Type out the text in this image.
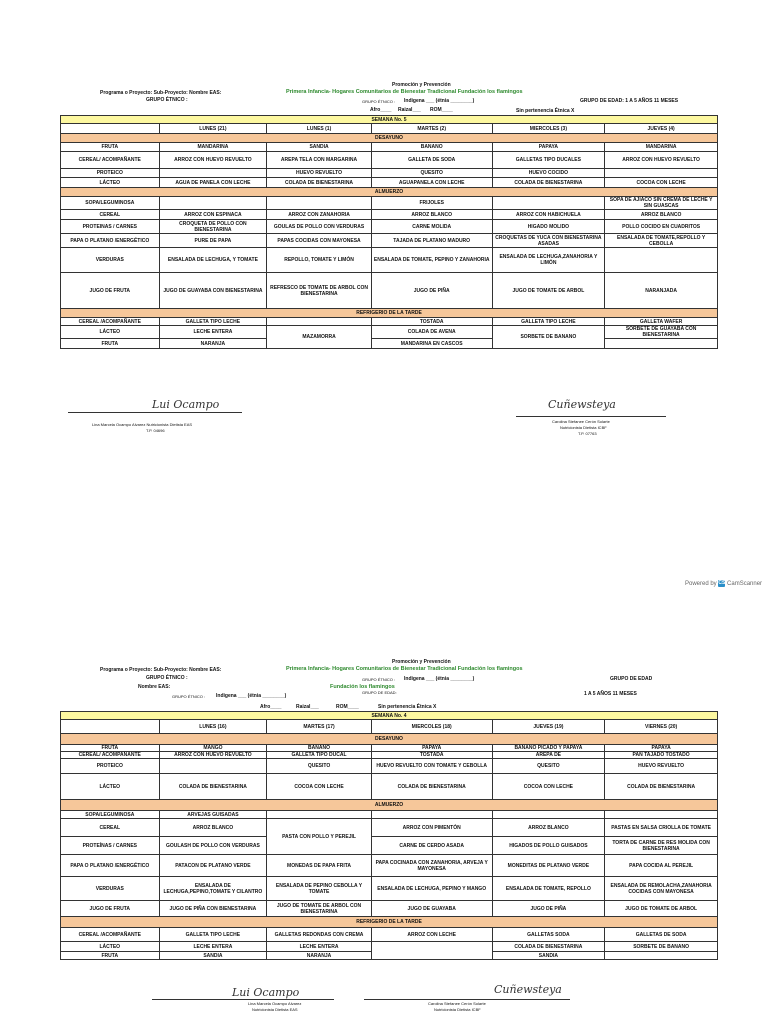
Promoción y Prevención
Programa o Proyecto: Sub-Proyecto: Nombre EAS:	Primera Infancia- Hogares Comunitarios de Bienestar Tradicional Fundación los flamingos
GRUPO ÉTNICO :	GRUPO ÉTNICO : Indigena ___ (étnia ________)	GRUPO DE EDAD: 1 A 5 AÑOS 11 MESES
Afro____ Raizal___ ROM____	Sin pertenencia Étnica X
SEMANA No. 5					
	LUNES (21)	LUNES (1)	MARTES (2)	MIERCOLES (3)	JUEVES (4)
DESAYUNO					
FRUTA	MANDARINA	SANDIA	BANANO	PAPAYA	MANDARINA
CEREAL/ ACOMPAÑANTE	ARROZ CON HUEVO REVUELTO	AREPA TELA CON MARGARINA	GALLETA DE SODA	GALLETAS TIPO DUCALES	ARROZ CON HUEVO REVUELTO
PROTEICO		HUEVO REVUELTO	QUESITO	HUEVO COCIDO	
LÁCTEO	AGUA DE PANELA CON LECHE	COLADA DE BIENESTARINA	AGUAPANELA CON LECHE	COLADA DE BIENESTARINA	COCOA CON LECHE
ALMUERZO					
SOPA/LEGUMINOSA			FRIJOLES		SOPA DE AJIACO SIN CREMA DE LECHE Y SIN GUASCAS
CEREAL	ARROZ CON ESPINACA	ARROZ CON ZANAHORIA	ARROZ BLANCO	ARROZ CON HABICHUELA	ARROZ BLANCO
PROTEINAS / CARNES	CROQUETA DE POLLO CON BIENESTARINA	GOULAS DE POLLO CON VERDURAS	CARNE MOLIDA	HIGADO MOLIDO	POLLO COCIDO EN CUADRITOS
PAPA O PLATANO /ENERGÉTICO	PURE DE PAPA	PAPAS COCIDAS CON MAYONESA	TAJADA DE PLATANO MADURO	CROQUETAS DE YUCA CON BIENESTARINA ASADAS	ENSALADA DE TOMATE,REPOLLO Y CEBOLLA
VERDURAS	ENSALADA DE LECHUGA, Y TOMATE	REPOLLO, TOMATE Y LIMÓN	ENSALADA DE TOMATE, PEPINO Y ZANAHORIA	ENSALADA DE LECHUGA,ZANAHORIA Y LIMÓN	
JUGO DE FRUTA	JUGO DE GUAYABA CON BIENESTARINA	REFRESCO DE TOMATE DE ARBOL CON BIENESTARINA	JUGO DE PIÑA	JUGO DE TOMATE DE ARBOL	NARANJADA
REFRIGERIO DE LA TARDE					
CEREAL /ACOMPAÑANTE	GALLETA TIPO LECHE		TOSTADA	GALLETA TIPO LECHE	GALLETA WAFER
LÁCTEO	LECHE ENTERA	MAZAMORRA	COLADA DE AVENA	SORBETE DE BANANO	SORBETE DE GUAYABA CON BIENESTARINA
FRUTA	NARANJA		MANDARINA EN CASCOS		
Lui Ocampo
Lina Marcela Ocampo Alvarez Nutricionista Dietista EAS
T.P. 04696
Cuñewsteya
Carolina Stefanee Cerón Solarte
Nutricionista Dietista ICBF
T.P. 07763
Powered by CS CamScanner
Promoción y Prevención
Programa o Proyecto: Sub-Proyecto: Nombre EAS:	Primera Infancia- Hogares Comunitarios de Bienestar Tradicional Fundación los flamingos
GRUPO ÉTNICO :	GRUPO ÉTNICO : Indigena ___ (étnia ________)	GRUPO DE EDAD
Nombre EAS:	Fundación los flamingos
GRUPO ÉTNICO : Indigena ___ (étnia ________)
GRUPO DE EDAD:	1 A 5 AÑOS 11 MESES
Afro____	Raizal___	ROM____	Sin pertenencia Étnica X
SEMANA No. 4					
	LUNES (16)	MARTES (17)	MIERCOLES (18)	JUEVES (19)	VIERNES (20)
DESAYUNO					
FRUTA	MANGO	BANANO	PAPAYA	BANANO PICADO Y PAPAYA	PAPAYA
CEREAL/ ACOMPAÑANTE	ARROZ CON HUEVO REVUELTO	GALLETA TIPO DUCAL	TOSTADA	AREPA DE	PAN TAJADO TOSTADO
PROTEICO		QUESITO	HUEVO REVUELTO CON TOMATE Y CEBOLLA	QUESITO	HUEVO REVUELTO
LÁCTEO	COLADA DE BIENESTARINA	COCOA CON LECHE	COLADA DE BIENESTARINA	COCOA CON LECHE	COLADA DE BIENESTARINA
ALMUERZO					
SOPA/LEGUMINOSA	ARVEJAS GUISADAS				
CEREAL	ARROZ BLANCO	PASTA CON POLLO Y PEREJIL	ARROZ CON PIMENTÓN	ARROZ BLANCO	PASTAS EN SALSA CRIOLLA DE TOMATE
PROTEÍNAS / CARNES	GOULASH DE POLLO CON VERDURAS		CARNE DE CERDO ASADA	HIGADOS DE POLLO GUISADOS	TORTA DE CARNE DE RES MOLIDA CON BIENESTARINA
PAPA O PLATANO /ENERGÉTICO	PATACON DE PLATANO VERDE	MONEDAS DE PAPA FRITA	PAPA COCINADA CON ZANAHORIA, ARVEJA Y MAYONESA	MONEDITAS DE PLATANO VERDE	PAPA COCIDA AL PEREJIL
VERDURAS	ENSALADA DE LECHUGA,PEPINO,TOMATE Y CILANTRO	ENSALADA DE PEPINO CEBOLLA Y TOMATE	ENSALADA DE LECHUGA, PEPINO Y MANGO	ENSALADA DE TOMATE, REPOLLO	ENSALADA DE REMOLACHA,ZANAHORIA COCIDAS CON MAYONESA
JUGO DE FRUTA	JUGO DE PIÑA CON BIENESTARINA	JUGO DE TOMATE DE ARBOL CON BIENESTARINA	JUGO DE GUAYABA	JUGO DE PIÑA	JUGO DE TOMATE DE ARBOL
REFRIGERIO DE LA TARDE					
CEREAL /ACOMPAÑANTE	GALLETA TIPO LECHE	GALLETAS REDONDAS CON CREMA	ARROZ CON LECHE	GALLETAS SODA	GALLETAS DE SODA
LÁCTEO	LECHE ENTERA	LECHE ENTERA		COLADA DE BIENESTARINA	SORBETE DE BANANO
FRUTA	SANDIA	NARANJA		SANDIA	
Lui Ocampo
Lina Marcela Ocampo Alvarez
Nutricionista Dietista EAS
Cuñewsteya
Carolina Stefanee Cerón Solarte
Nutricionista Dietista ICBF
